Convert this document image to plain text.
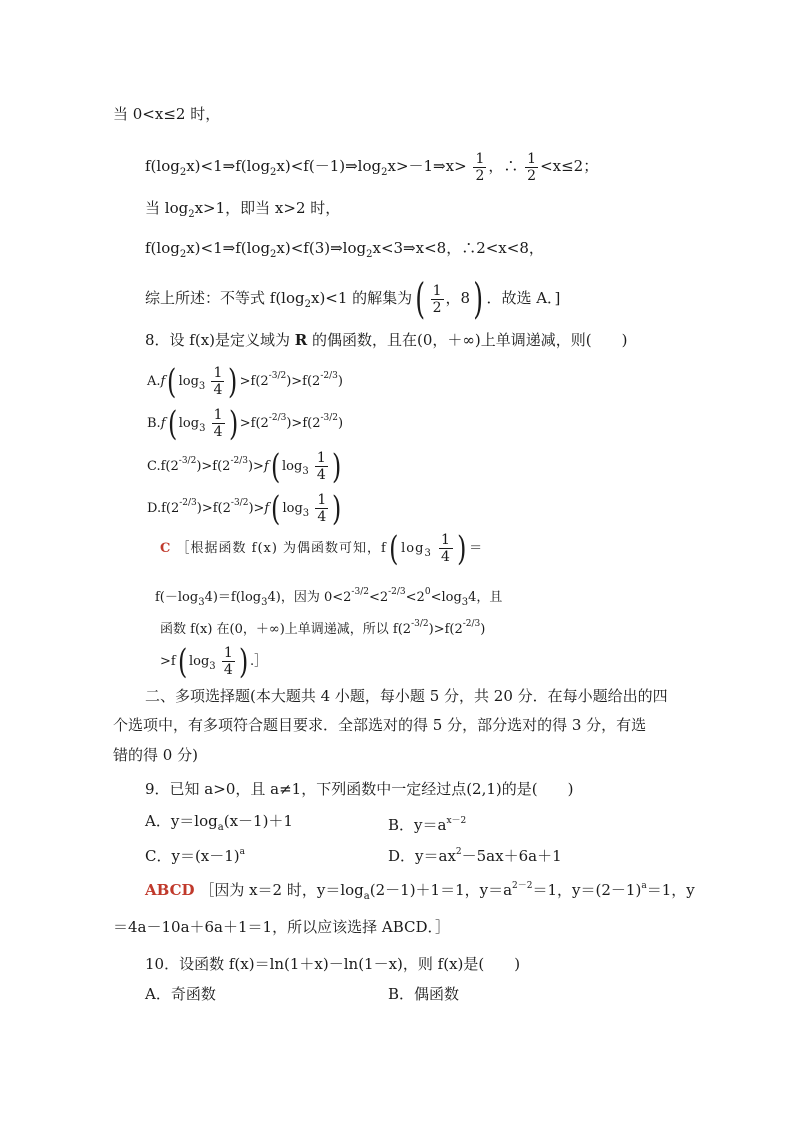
当 0<x≤2 时，
$f(\log_2x)<1\Rightarrow f(\log_2x)<f(-1)\Rightarrow\log_2x>-1\Rightarrow x> \frac{1}{2}$ ，∴ $\frac{1}{2} <x\le 2$；
当 $\log_2x>1$，即当 x>2 时，
$f(\log_2x)<1\Rightarrow f(\log_2x)<f(3)\Rightarrow\log_2x<3\Rightarrow x<8$，∴2<x<8，
综上所述：不等式 $f(\log_2x)<1$ 的解集为( $\frac{1}{2}$ ，8) ．故选 A．]
8．设 f(x)是定义域为 R 的偶函数，且在(0，＋∞)上单调递减，则(　　 )
A.f( $\log_3 \frac{1}{4}$ ) $>f(2^{-3/2})>f(2^{-2/3})$
B.f( $\log_3 \frac{1}{4}$ ) $>f(2^{-2/3})>f(2^{-3/2})$
$C.f(2^{-3/2})>f(2^{-2/3})>f$( $\log_3 \frac{1}{4}$ )
$D.f(2^{-2/3})>f(2^{-3/2})>f$( $\log_3 \frac{1}{4}$ )
C ［根据函数 f(x) 为偶函数可知，f( $\log_3 \frac{1}{4}$ ) ＝
$f(-\log_34)=f(\log_34)$，因为 $0<2^{-3/2}<2^{-2/3}<2^0<\log_34$，且
函数 f(x) 在(0，＋∞)上单调递减，所以 $f(2^{-3/2})>f(2^{-2/3})$
>f( $\log_3 \frac{1}{4}$ ) .］
二、多项选择题(本大题共 4 小题，每小题 5 分，共 20 分．在每小题给出的四
个选项中，有多项符合题目要求．全部选对的得 5 分，部分选对的得 3 分，有选
错的得 0 分)
9．已知 a>0，且 a≠1，下列函数中一定经过点(2,1)的是(　　 )
A．$y=\log_a(x-1)+1$	B．$y=a^{x-2}$
C．$y=(x-1)^a$	D．$y=ax^2-5ax+6a+1$
ABCD ［因为 x＝2 时，$y=\log_a(2-1)+1=1$，$y=a^{2-2}=1$，$y=(2-1)^a=1$，y
＝4a－10a＋6a＋1＝1，所以应该选择 ABCD．］
10．设函数 f(x)＝ln(1＋x)－ln(1－x)，则 f(x)是(　　 )
A．奇函数	B．偶函数
